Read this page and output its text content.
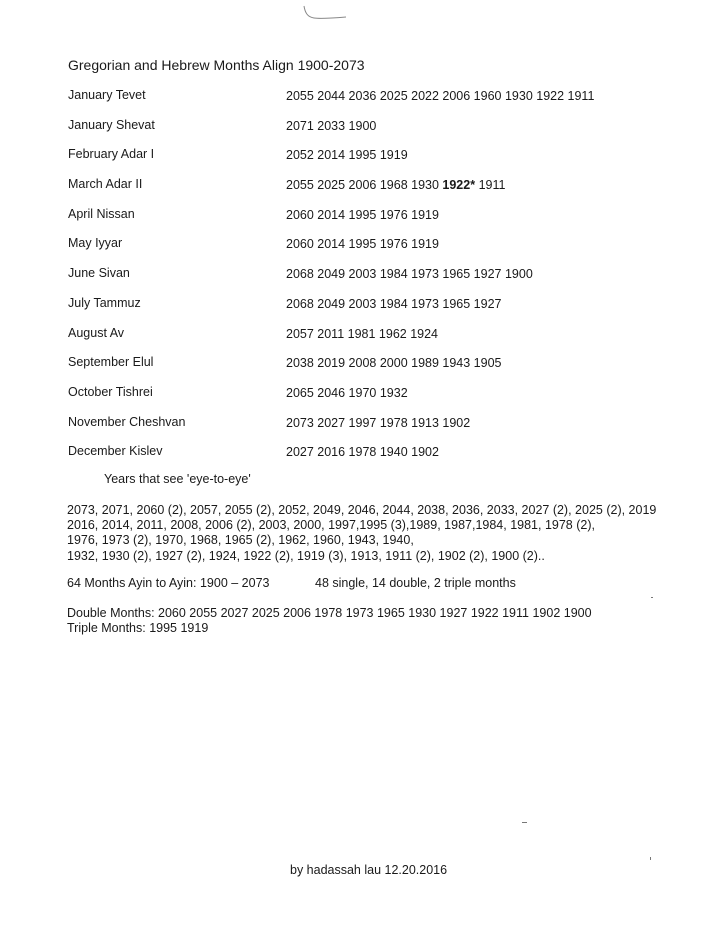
Gregorian and Hebrew Months Align 1900-2073
January Tevet	2055 2044 2036 2025 2022 2006 1960 1930 1922 1911
January Shevat	2071 2033 1900
February Adar I	2052 2014 1995 1919
March Adar II	2055 2025 2006 1968 1930 1922* 1911
April Nissan	2060 2014 1995 1976 1919
May Iyyar	2060 2014 1995 1976 1919
June Sivan	2068 2049 2003 1984 1973 1965 1927 1900
July Tammuz	2068 2049 2003 1984 1973 1965 1927
August Av	2057 2011 1981 1962 1924
September Elul	2038 2019 2008 2000 1989 1943 1905
October Tishrei	2065 2046 1970 1932
November Cheshvan	2073 2027 1997 1978 1913 1902
December Kislev	2027 2016 1978 1940 1902
Years that see 'eye-to-eye'
2073, 2071, 2060 (2), 2057, 2055 (2), 2052, 2049, 2046, 2044, 2038, 2036, 2033, 2027 (2), 2025 (2), 2019
2016, 2014, 2011, 2008, 2006 (2), 2003, 2000, 1997,1995 (3),1989, 1987,1984, 1981, 1978 (2),
1976, 1973 (2), 1970, 1968, 1965 (2), 1962, 1960, 1943, 1940,
1932, 1930 (2), 1927 (2), 1924, 1922 (2), 1919 (3), 1913, 1911 (2), 1902 (2), 1900 (2)..
64 Months Ayin to Ayin: 1900 – 2073	48 single, 14 double, 2 triple months
Double Months: 2060 2055 2027 2025 2006 1978 1973 1965 1930 1927 1922 1911 1902 1900
Triple Months: 1995 1919
by hadassah lau 12.20.2016
